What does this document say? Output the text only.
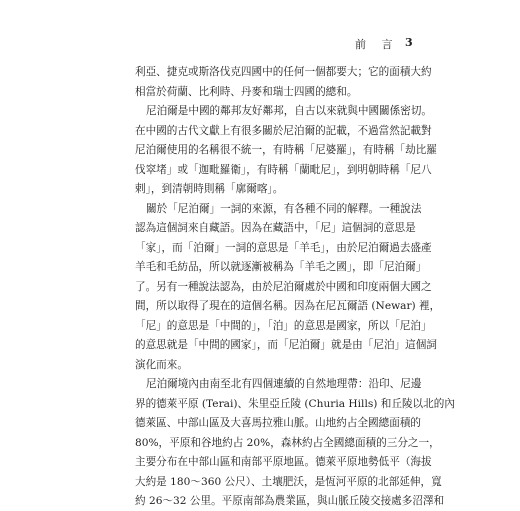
前 言 3
利亞、捷克或斯洛伐克四國中的任何一個都要大；它的面積大約
相當於荷蘭、比利時、丹麥和瑞士四國的總和。
尼泊爾是中國的鄰邦友好鄰邦，自古以來就與中國關係密切。
在中國的古代文獻上有很多關於尼泊爾的記載，不過當然記載對
尼泊爾使用的名稱很不統一，有時稱「尼婆羅」，有時稱「劫比羅
伐窣堵」或「迦毗羅衛」，有時稱「蘭毗尼」，到明朝時稱「尼八
剌」，到清朝時則稱「廓爾喀」。
關於「尼泊爾」一詞的來源，有各種不同的解釋。一種說法
認為這個詞來自藏語。因為在藏語中，「尼」這個詞的意思是
「家」，而「泊爾」一詞的意思是「羊毛」，由於尼泊爾過去盛產
羊毛和毛紡品，所以就逐漸被稱為「羊毛之國」，即「尼泊爾」
了。另有一種說法認為，由於尼泊爾處於中國和印度兩個大國之
間，所以取得了現在的這個名稱。因為在尼瓦爾語 (Newar) 裡，
「尼」的意思是「中間的」，「泊」的意思是國家，所以「尼泊」
的意思就是「中間的國家」，而「尼泊爾」就是由「尼泊」這個詞
演化而來。
尼泊爾境內由南至北有四個連續的自然地理帶：沿印、尼邊
界的德萊平原 (Terai)、朱里亞丘陵 (Churia Hills) 和丘陵以北的內
德萊區、中部山區及大喜馬拉雅山脈。山地約占全國總面積的
80%，平原和谷地約占 20%，森林約占全國總面積的三分之一，
主要分布在中部山區和南部平原地區。德萊平原地勢低平（海拔
大約是 180～360 公尺）、土壤肥沃，是恆河平原的北部延伸，寬
約 26～32 公里。平原南部為農業區，與山脈丘陵交接處多沼澤和
